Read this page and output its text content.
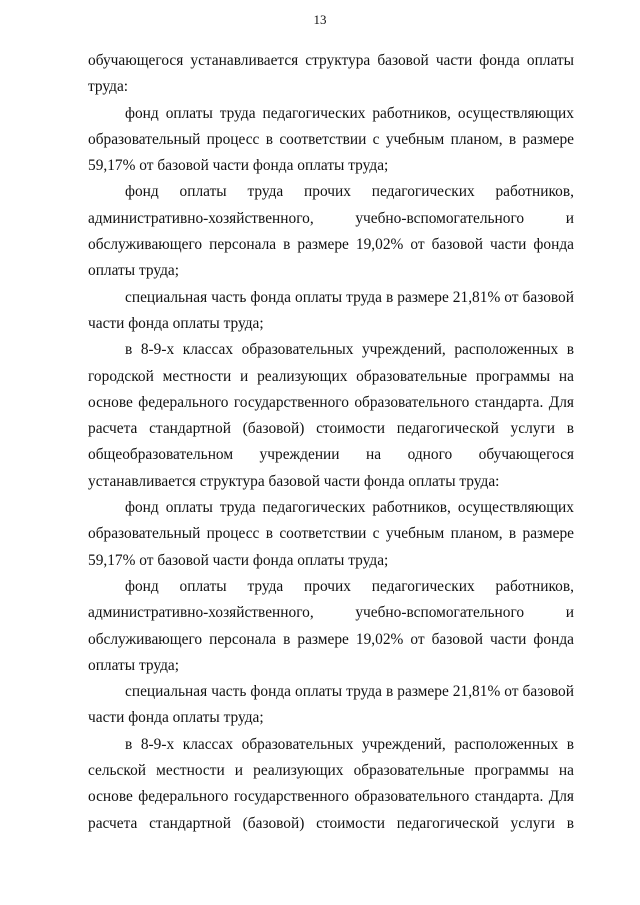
13

обучающегося устанавливается структура базовой части фонда оплаты труда:

фонд оплаты труда педагогических работников, осуществляющих образовательный процесс в соответствии с учебным планом, в размере 59,17% от базовой части фонда оплаты труда;

фонд оплаты труда прочих педагогических работников, административно-хозяйственного, учебно-вспомогательного и обслуживающего персонала в размере 19,02% от базовой части фонда оплаты труда;

специальная часть фонда оплаты труда в размере 21,81% от базовой части фонда оплаты труда;

в 8-9-х классах образовательных учреждений, расположенных в городской местности и реализующих образовательные программы на основе федерального государственного образовательного стандарта. Для расчета стандартной (базовой) стоимости педагогической услуги в общеобразовательном учреждении на одного обучающегося устанавливается структура базовой части фонда оплаты труда:

фонд оплаты труда педагогических работников, осуществляющих образовательный процесс в соответствии с учебным планом, в размере 59,17% от базовой части фонда оплаты труда;

фонд оплаты труда прочих педагогических работников, административно-хозяйственного, учебно-вспомогательного и обслуживающего персонала в размере 19,02% от базовой части фонда оплаты труда;

специальная часть фонда оплаты труда в размере 21,81% от базовой части фонда оплаты труда;

в 8-9-х классах образовательных учреждений, расположенных в сельской местности и реализующих образовательные программы на основе федерального государственного образовательного стандарта. Для расчета стандартной (базовой) стоимости педагогической услуги в
